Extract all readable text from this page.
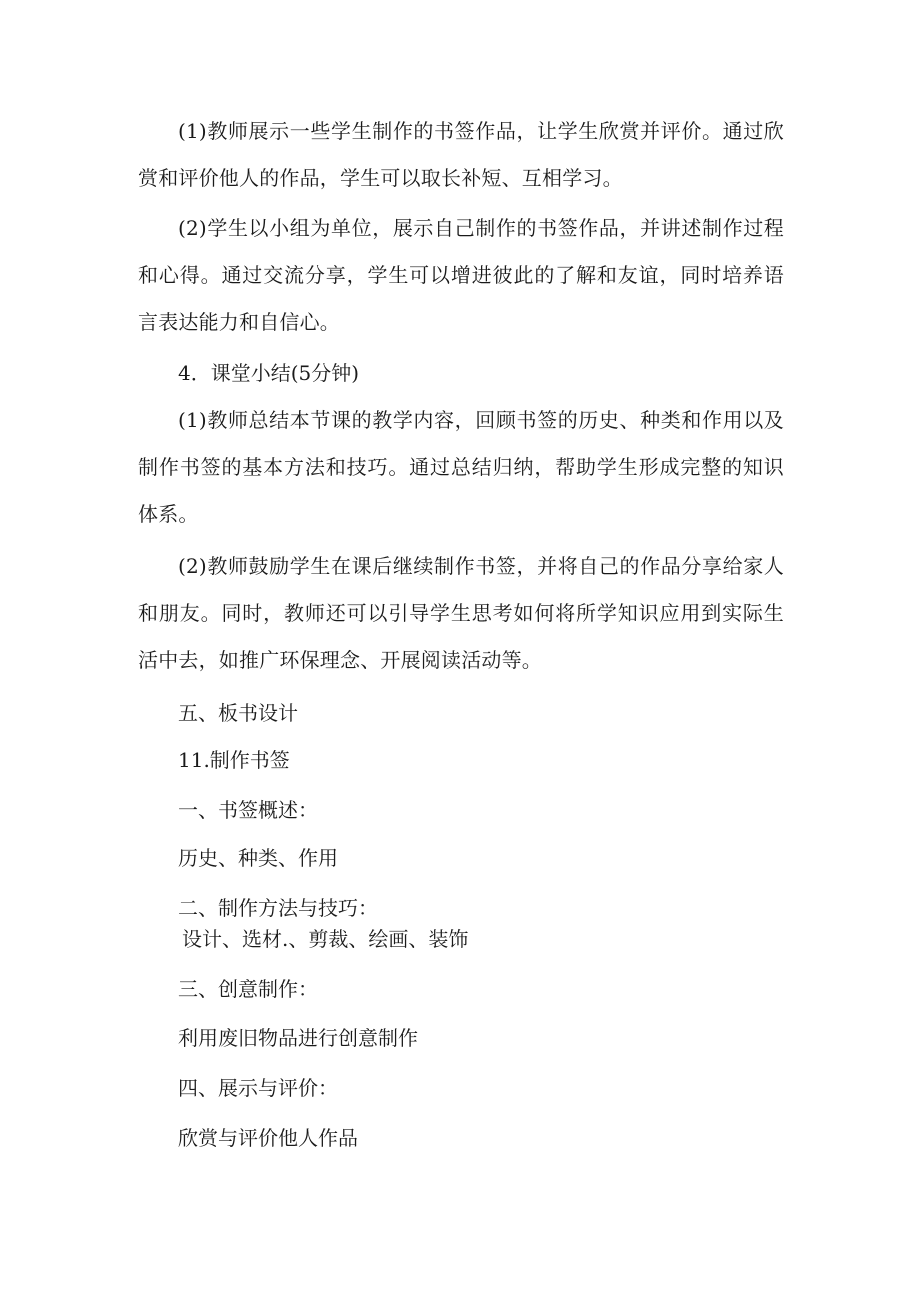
(1)教师展示一些学生制作的书签作品，让学生欣赏并评价。通过欣赏和评价他人的作品，学生可以取长补短、互相学习。
(2)学生以小组为单位，展示自己制作的书签作品，并讲述制作过程和心得。通过交流分享，学生可以增进彼此的了解和友谊，同时培养语言表达能力和自信心。
4．课堂小结(5分钟)
(1)教师总结本节课的教学内容，回顾书签的历史、种类和作用以及制作书签的基本方法和技巧。通过总结归纳，帮助学生形成完整的知识体系。
(2)教师鼓励学生在课后继续制作书签，并将自己的作品分享给家人和朋友。同时，教师还可以引导学生思考如何将所学知识应用到实际生活中去，如推广环保理念、开展阅读活动等。
五、板书设计
11.制作书签
一、书签概述：
历史、种类、作用
二、制作方法与技巧：
设计、选材.、剪裁、绘画、装饰
三、创意制作：
利用废旧物品进行创意制作
四、展示与评价：
欣赏与评价他人作品
